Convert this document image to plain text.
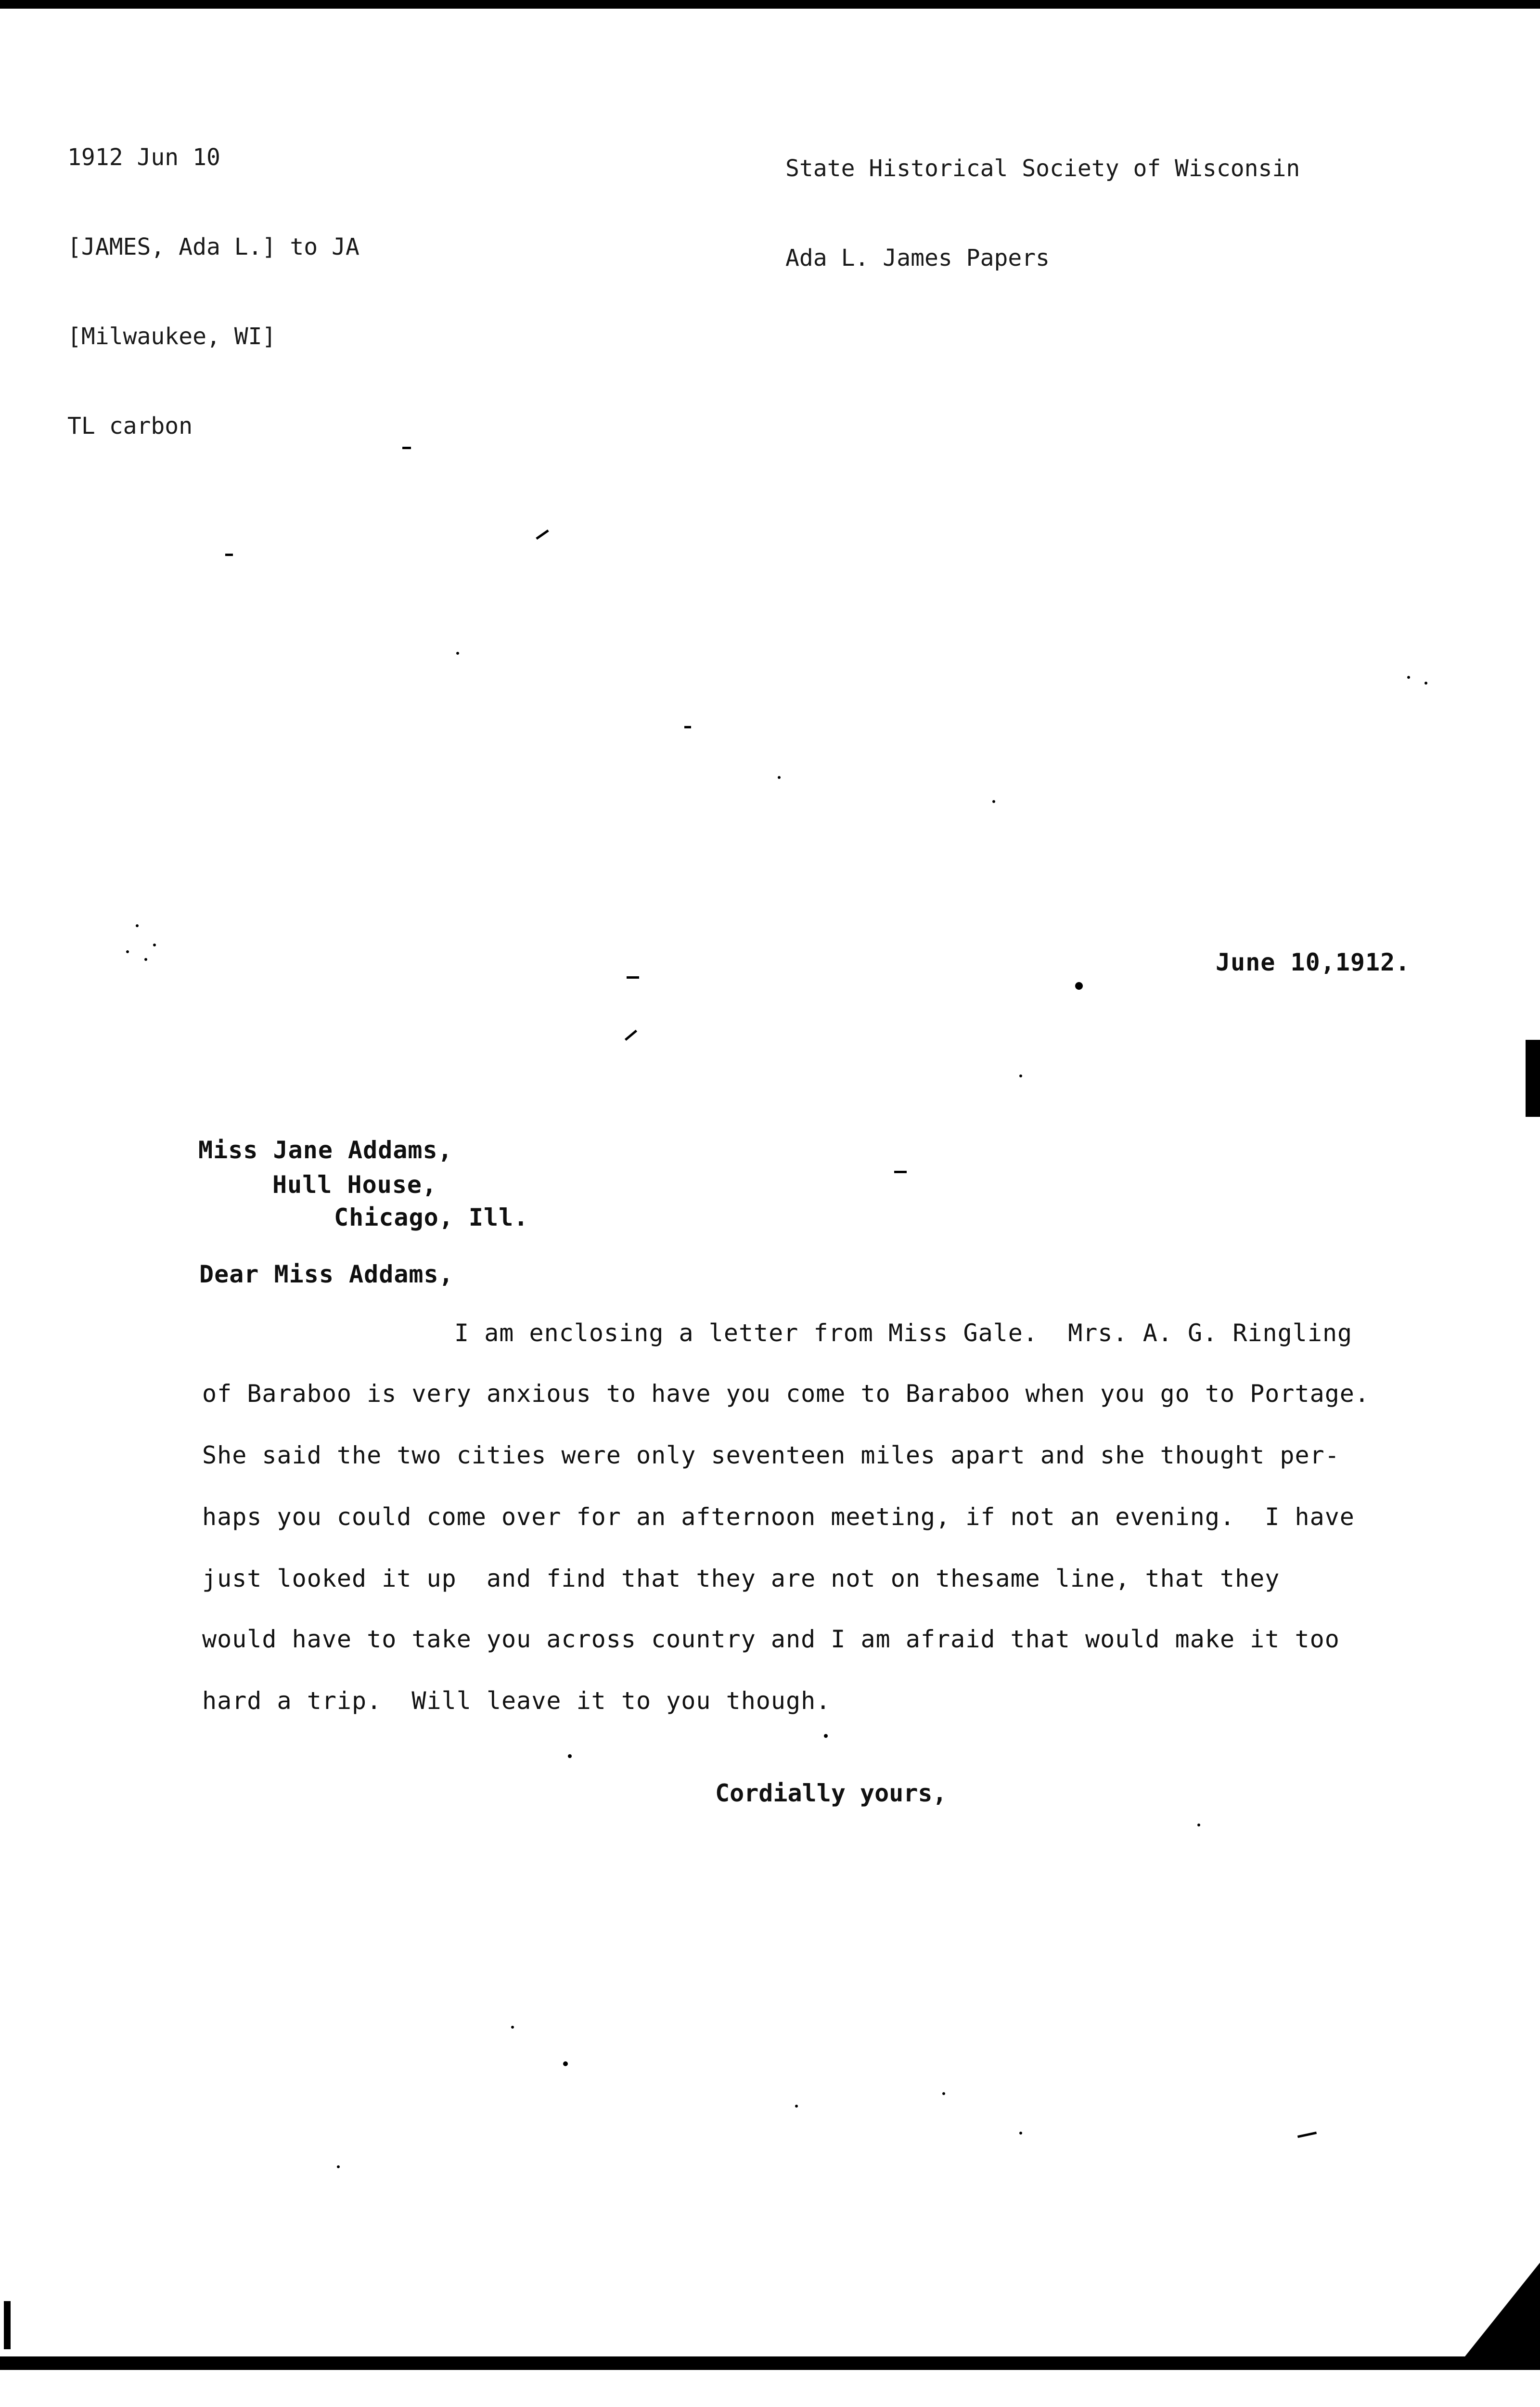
1912 Jun 10

[JAMES, Ada L.] to JA

[Milwaukee, WI]

TL carbon

State Historical Society of Wisconsin

Ada L. James Papers

June 10,1912.
Miss Jane Addams,
Hull House,
Chicago, Ill.
Dear Miss Addams,
I am enclosing a letter from Miss Gale.  Mrs. A. G. Ringling
of Baraboo is very anxious to have you come to Baraboo when you go to Portage.
She said the two cities were only seventeen miles apart and she thought per-
haps you could come over for an afternoon meeting, if not an evening.  I have
just looked it up  and find that they are not on thesame line, that they
would have to take you across country and I am afraid that would make it too
hard a trip.  Will leave it to you though.
Cordially yours,
